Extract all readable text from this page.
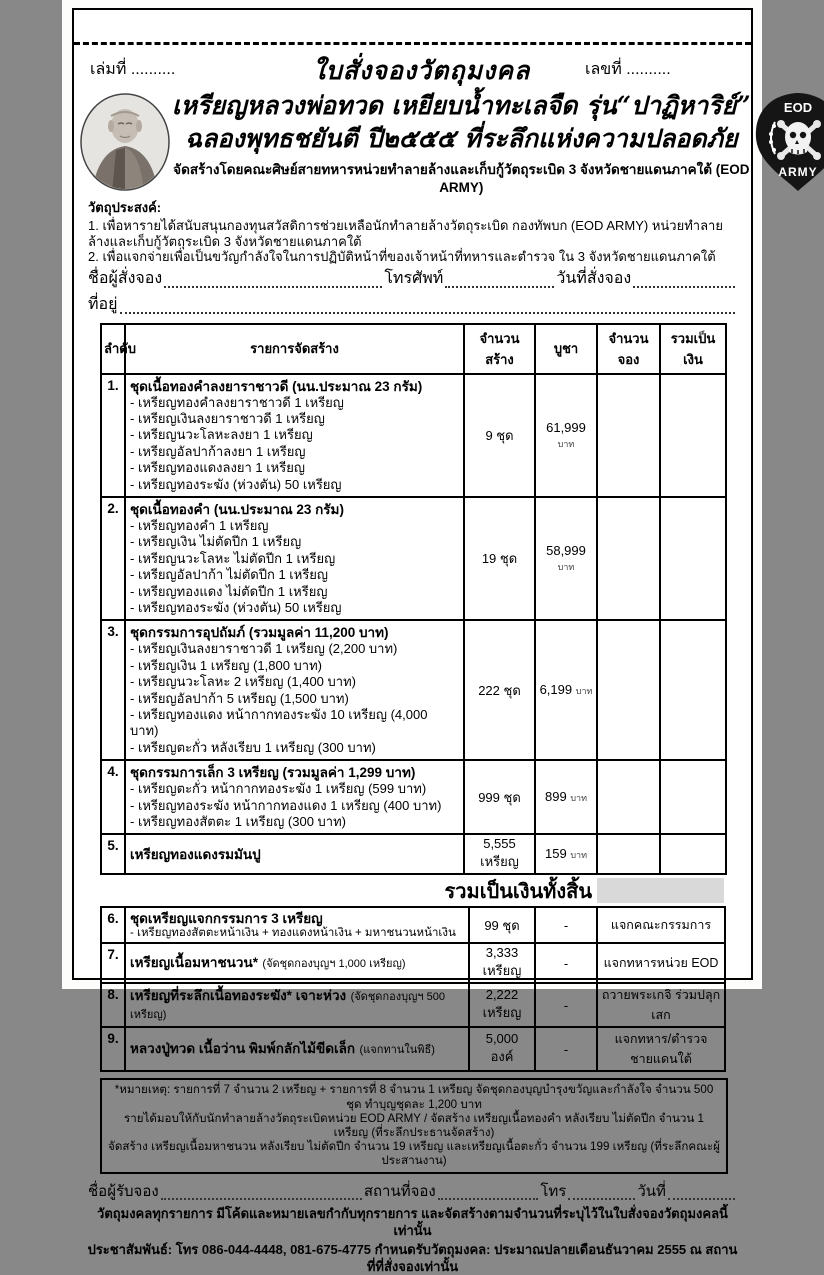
เล่มที่ ..........	ใบสั่งจองวัตถุมงคล	เลขที่ ..........
เหรียญหลวงพ่อทวด เหยียบน้ำทะเลจืด รุ่น“ปาฏิหาริย์”
ฉลองพุทธชยันตี ปี๒๕๕๕ ที่ระลึกแห่งความปลอดภัย
จัดสร้างโดยคณะศิษย์สายทหารหน่วยทำลายล้างและเก็บกู้วัตถุระเบิด 3 จังหวัดชายแดนภาคใต้ (EOD ARMY)
EOD
ARMY
วัตถุประสงค์:
1. เพื่อหารายได้สนับสนุนกองทุนสวัสดิการช่วยเหลือนักทำลายล้างวัตถุระเบิด กองทัพบก (EOD ARMY) หน่วยทำลายล้างและเก็บกู้วัตถุระเบิด 3 จังหวัดชายแดนภาคใต้
2. เพื่อแจกจ่ายเพื่อเป็นขวัญกำลังใจในการปฏิบัติหน้าที่ของเจ้าหน้าที่ทหารและตำรวจ ใน 3 จังหวัดชายแดนภาคใต้
ชื่อผู้สั่งจอง	โทรศัพท์	วันที่สั่งจอง
ที่อยู่
ลำดับ	รายการจัดสร้าง	จำนวนสร้าง	บูชา	จำนวนจอง	รวมเป็นเงิน
1.	ชุดเนื้อทองคำลงยาราชาวดี (นน.ประมาณ 23 กรัม)
- เหรียญทองคำลงยาราชาวดี 1 เหรียญ
- เหรียญเงินลงยาราชาวดี 1 เหรียญ
- เหรียญนวะโลหะลงยา 1 เหรียญ
- เหรียญอัลปาก้าลงยา 1 เหรียญ
- เหรียญทองแดงลงยา 1 เหรียญ
- เหรียญทองระฆัง (ห่วงตัน) 50 เหรียญ
	9 ชุด	61,999 บาท		
2.	ชุดเนื้อทองคำ (นน.ประมาณ 23 กรัม)
- เหรียญทองคำ 1 เหรียญ
- เหรียญเงิน ไม่ตัดปีก 1 เหรียญ
- เหรียญนวะโลหะ ไม่ตัดปีก 1 เหรียญ
- เหรียญอัลปาก้า ไม่ตัดปีก 1 เหรียญ
- เหรียญทองแดง ไม่ตัดปีก 1 เหรียญ
- เหรียญทองระฆัง (ห่วงตัน) 50 เหรียญ
	19 ชุด	58,999 บาท		
3.	ชุดกรรมการอุปถัมภ์ (รวมมูลค่า 11,200 บาท)
- เหรียญเงินลงยาราชาวดี 1 เหรียญ (2,200 บาท)
- เหรียญเงิน 1 เหรียญ (1,800 บาท)
- เหรียญนวะโลหะ 2 เหรียญ (1,400 บาท)
- เหรียญอัลปาก้า 5 เหรียญ (1,500 บาท)
- เหรียญทองแดง หน้ากากทองระฆัง 10 เหรียญ (4,000 บาท)
- เหรียญตะกั่ว หลังเรียบ 1 เหรียญ (300 บาท)
	222 ชุด	6,199 บาท		
4.	ชุดกรรมการเล็ก 3 เหรียญ (รวมมูลค่า 1,299 บาท)
- เหรียญตะกั่ว หน้ากากทองระฆัง 1 เหรียญ (599 บาท)
- เหรียญทองระฆัง หน้ากากทองแดง 1 เหรียญ (400 บาท)
- เหรียญทองสัตตะ 1 เหรียญ (300 บาท)	999 ชุด	899 บาท		
5.	เหรียญทองแดงรมมันปู	5,555 เหรียญ	159 บาท		
รวมเป็นเงินทั้งสิ้น
6.	ชุดเหรียญแจกกรรมการ 3 เหรียญ
- เหรียญทองสัตตะหน้าเงิน + ทองแดงหน้าเงิน + มหาชนวนหน้าเงิน	99 ชุด	-	แจกคณะกรรมการ
7.	เหรียญเนื้อมหาชนวน* (จัดชุดกองบุญฯ 1,000 เหรียญ)	3,333 เหรียญ	-	แจกทหารหน่วย EOD
8.	เหรียญที่ระลึกเนื้อทองระฆัง* เจาะห่วง (จัดชุดกองบุญฯ 500 เหรียญ)	2,222 เหรียญ	-	ถวายพระเกจิ ร่วมปลุกเสก
9.	หลวงปู่ทวด เนื้อว่าน พิมพ์กลักไม้ขีดเล็ก (แจกทานในพิธี)	5,000 องค์	-	แจกทหาร/ตำรวจชายแดนใต้
*หมายเหตุ: รายการที่ 7 จำนวน 2 เหรียญ + รายการที่ 8 จำนวน 1 เหรียญ จัดชุดกองบุญบำรุงขวัญและกำลังใจ จำนวน 500 ชุด ทำบุญชุดละ 1,200 บาท
รายได้มอบให้กับนักทำลายล้างวัตถุระเบิดหน่วย EOD ARMY / จัดสร้าง เหรียญเนื้อทองคำ หลังเรียบ ไม่ตัดปีก จำนวน 1 เหรียญ (ที่ระลึกประธานจัดสร้าง)
จัดสร้าง เหรียญเนื้อมหาชนวน หลังเรียบ ไม่ตัดปีก จำนวน 19 เหรียญ และเหรียญเนื้อตะกั่ว จำนวน 199 เหรียญ (ที่ระลึกคณะผู้ประสานงาน)
ชื่อผู้รับจอง	สถานที่จอง	โทร	วันที่
วัตถุมงคลทุกรายการ มีโค้ดและหมายเลขกำกับทุกรายการ และจัดสร้างตามจำนวนที่ระบุไว้ในใบสั่งจองวัตถุมงคลนี้เท่านั้น
ประชาสัมพันธ์: โทร 086-044-4448, 081-675-4775 กำหนดรับวัตถุมงคล: ประมาณปลายเดือนธันวาคม 2555 ณ สถานที่ที่สั่งจองเท่านั้น
